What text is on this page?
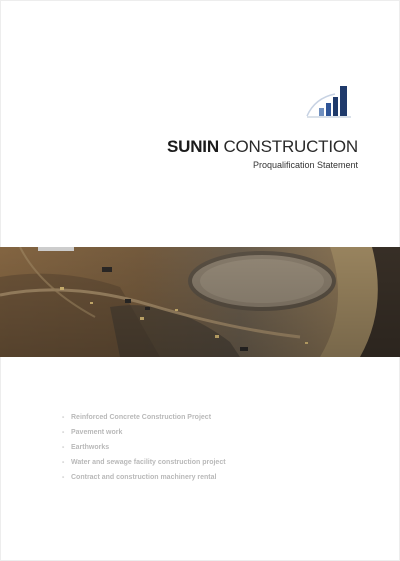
SUNIN CONSTRUCTION
Proqualification Statement
- Reinforced Concrete Construction Project
- Pavement work
- Earthworks
- Water and sewage facility construction project
- Contract and construction machinery rental
